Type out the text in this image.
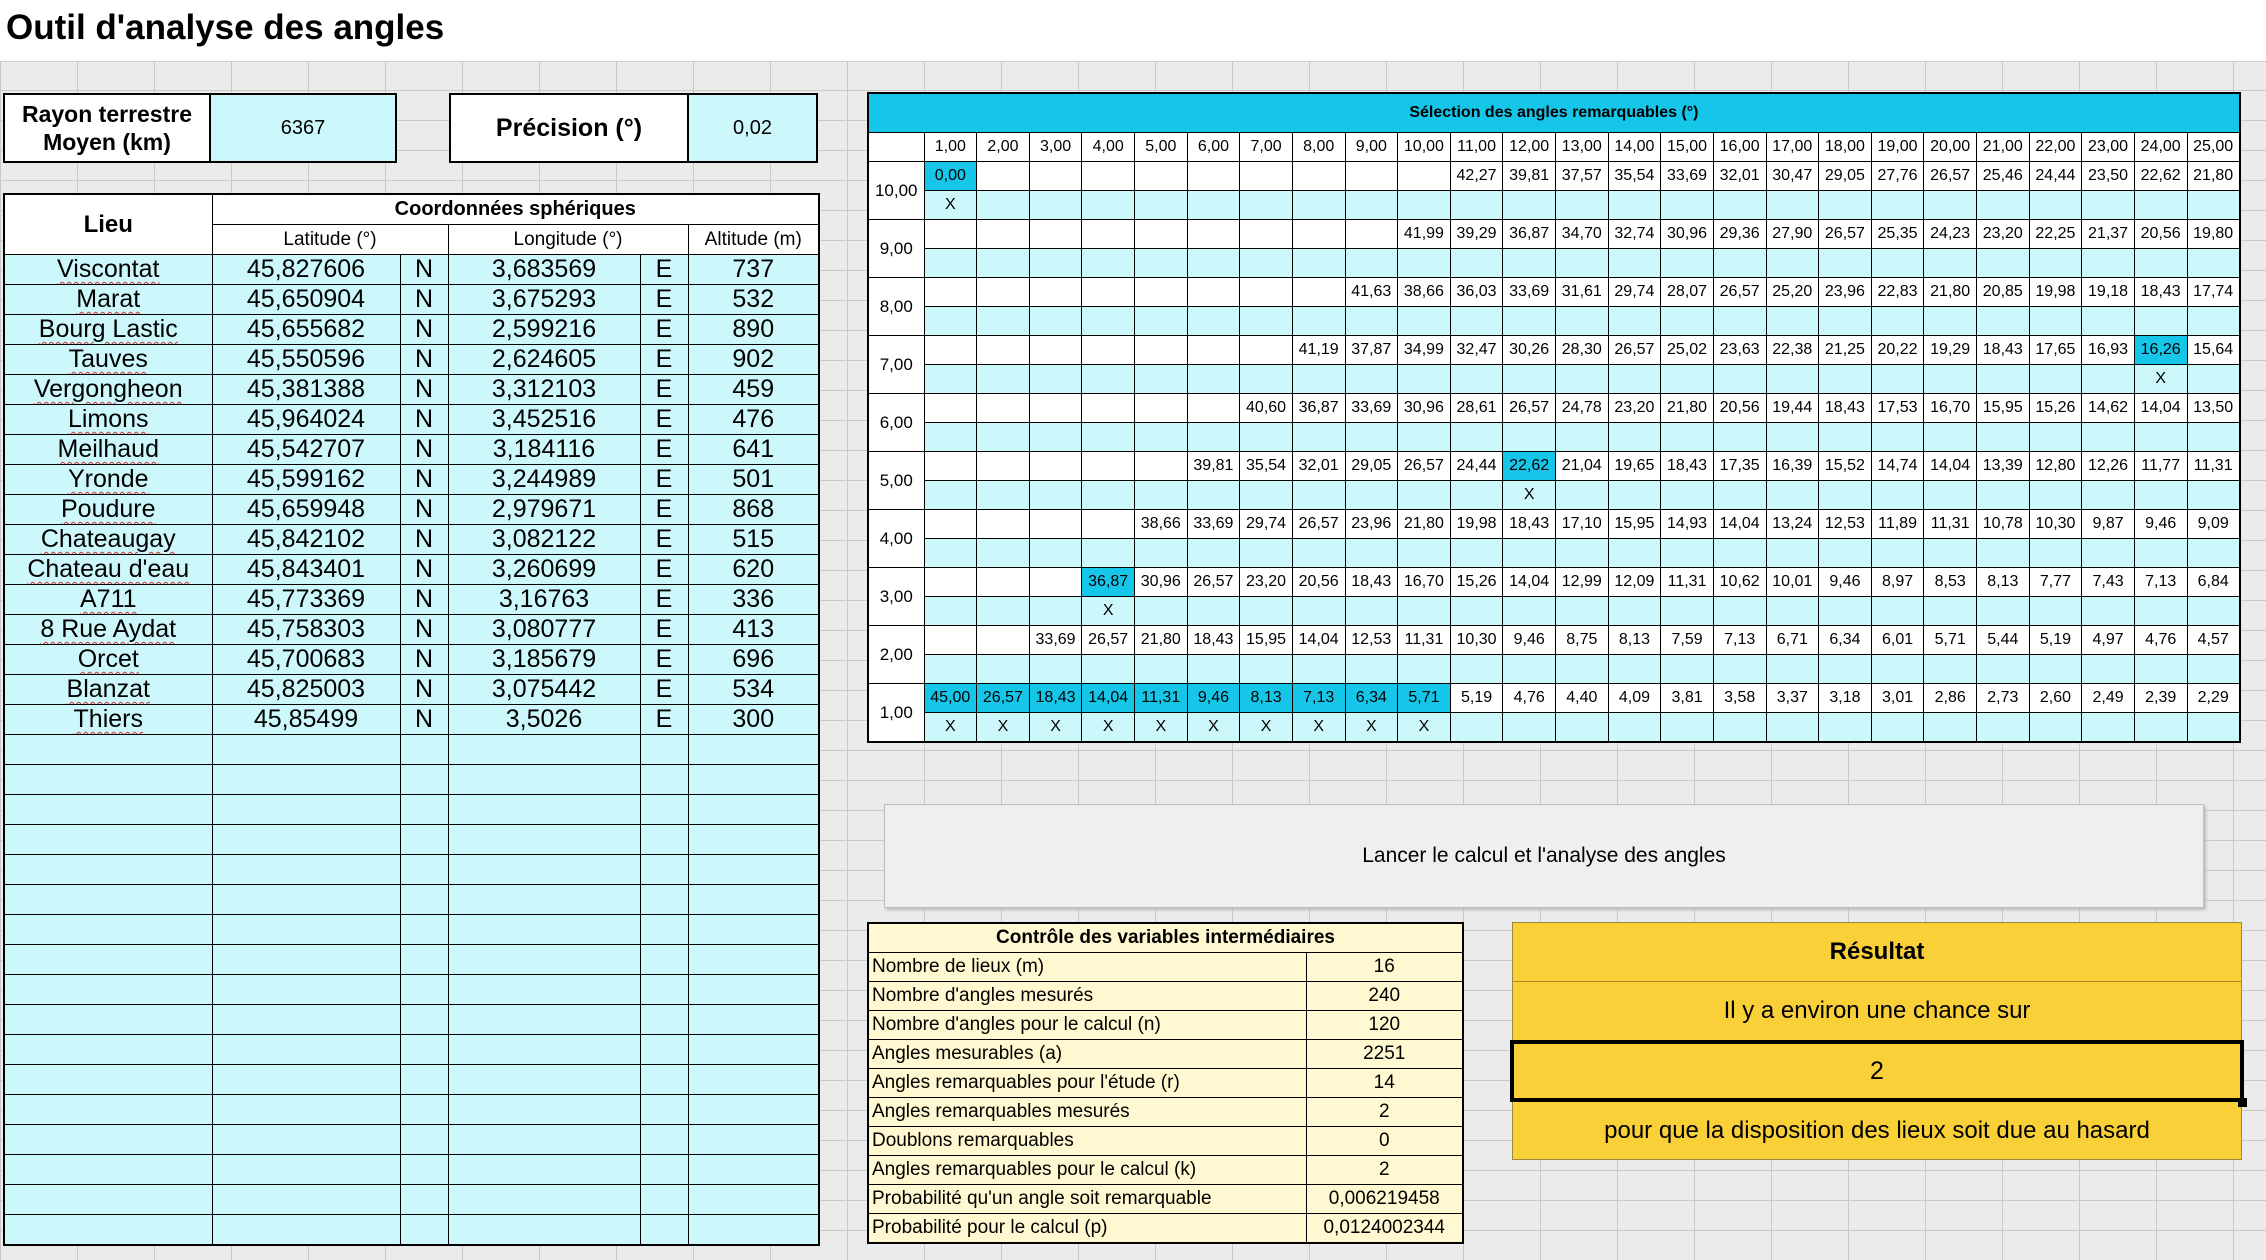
Outil d'analyse des angles
Rayon terrestre Moyen (km)
6367	Précision (°)	0,02
Lieu	Coordonnées sphériques				
	Latitude (°)		Longitude (°)		Altitude (m)
Viscontat	45,827606	N	3,683569	E	737
Marat	45,650904	N	3,675293	E	532
Bourg Lastic	45,655682	N	2,599216	E	890
Tauves	45,550596	N	2,624605	E	902
Vergongheon	45,381388	N	3,312103	E	459
Limons	45,964024	N	3,452516	E	476
Meilhaud	45,542707	N	3,184116	E	641
Yronde	45,599162	N	3,244989	E	501
Poudure	45,659948	N	2,979671	E	868
Chateaugay	45,842102	N	3,082122	E	515
Chateau d'eau	45,843401	N	3,260699	E	620
A711	45,773369	N	3,16763	E	336
8 Rue Aydat	45,758303	N	3,080777	E	413
Orcet	45,700683	N	3,185679	E	696
Blanzat	45,825003	N	3,075442	E	534
Thiers	45,85499	N	3,5026	E	300

Sélection des angles remarquables (°)																									
	1,00	2,00	3,00	4,00	5,00	6,00	7,00	8,00	9,00	10,00	11,00	12,00	13,00	14,00	15,00	16,00	17,00	18,00	19,00	20,00	21,00	22,00	23,00	24,00	25,00
10,00	0,00										42,27	39,81	37,57	35,54	33,69	32,01	30,47	29,05	27,76	26,57	25,46	24,44	23,50	22,62	21,80
	X																								
9,00										41,99	39,29	36,87	34,70	32,74	30,96	29,36	27,90	26,57	25,35	24,23	23,20	22,25	21,37	20,56	19,80

8,00									41,63	38,66	36,03	33,69	31,61	29,74	28,07	26,57	25,20	23,96	22,83	21,80	20,85	19,98	19,18	18,43	17,74

7,00								41,19	37,87	34,99	32,47	30,26	28,30	26,57	25,02	23,63	22,38	21,25	20,22	19,29	18,43	17,65	16,93	16,26	15,64
																								X	
6,00							40,60	36,87	33,69	30,96	28,61	26,57	24,78	23,20	21,80	20,56	19,44	18,43	17,53	16,70	15,95	15,26	14,62	14,04	13,50

5,00						39,81	35,54	32,01	29,05	26,57	24,44	22,62	21,04	19,65	18,43	17,35	16,39	15,52	14,74	14,04	13,39	12,80	12,26	11,77	11,31
												X													
4,00					38,66	33,69	29,74	26,57	23,96	21,80	19,98	18,43	17,10	15,95	14,93	14,04	13,24	12,53	11,89	11,31	10,78	10,30	9,87	9,46	9,09

3,00				36,87	30,96	26,57	23,20	20,56	18,43	16,70	15,26	14,04	12,99	12,09	11,31	10,62	10,01	9,46	8,97	8,53	8,13	7,77	7,43	7,13	6,84
				X																					
2,00			33,69	26,57	21,80	18,43	15,95	14,04	12,53	11,31	10,30	9,46	8,75	8,13	7,59	7,13	6,71	6,34	6,01	5,71	5,44	5,19	4,97	4,76	4,57

1,00	45,00	26,57	18,43	14,04	11,31	9,46	8,13	7,13	6,34	5,71	5,19	4,76	4,40	4,09	3,81	3,58	3,37	3,18	3,01	2,86	2,73	2,60	2,49	2,39	2,29
	X	X	X	X	X	X	X	X	X	X															
Lancer le calcul et l'analyse des angles
Contrôle des variables intermédiaires	
Nombre de lieux (m)	16
Nombre d'angles mesurés	240
Nombre d'angles pour le calcul (n)	120
Angles mesurables (a)	2251
Angles remarquables pour l'étude (r)	14
Angles remarquables mesurés	2
Doublons remarquables	0
Angles remarquables pour le calcul (k)	2
Probabilité qu'un angle soit remarquable	0,006219458
Probabilité pour le calcul (p)	0,0124002344
Résultat
Il y a environ une chance sur
pour que la disposition des lieux soit due au hasard
2
